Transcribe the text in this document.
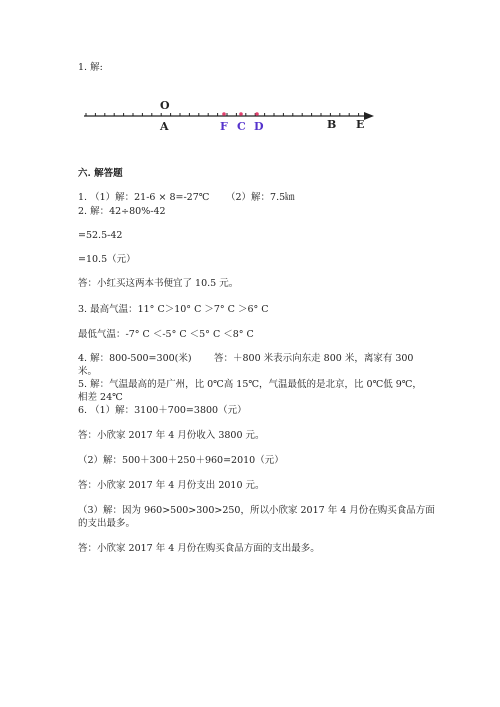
1. 解:
O
A	F C D	B E
六. 解答题
1. （1）解：21-6 × 8=-27℃ （2）解：7.5㎞
2. 解：42÷80%-42
=52.5-42
=10.5（元）
答：小红买这两本书便宜了 10.5 元。
3. 最高气温：11° C＞10° C ＞7° C ＞6° C
最低气温：-7° C ＜-5° C ＜5° C ＜8° C
4. 解：800-500=300(米) 答：＋800 米表示向东走 800 米，离家有 300
米。
5. 解：气温最高的是广州，比 0℃高 15℃，气温最低的是北京，比 0℃低 9℃，
相差 24℃
6. （1）解：3100＋700=3800（元）
答：小欣家 2017 年 4 月份收入 3800 元。
（2）解：500＋300＋250＋960=2010（元）
答：小欣家 2017 年 4 月份支出 2010 元。
（3）解：因为 960>500>300>250，所以小欣家 2017 年 4 月份在购买食品方面
的支出最多。
答：小欣家 2017 年 4 月份在购买食品方面的支出最多。
